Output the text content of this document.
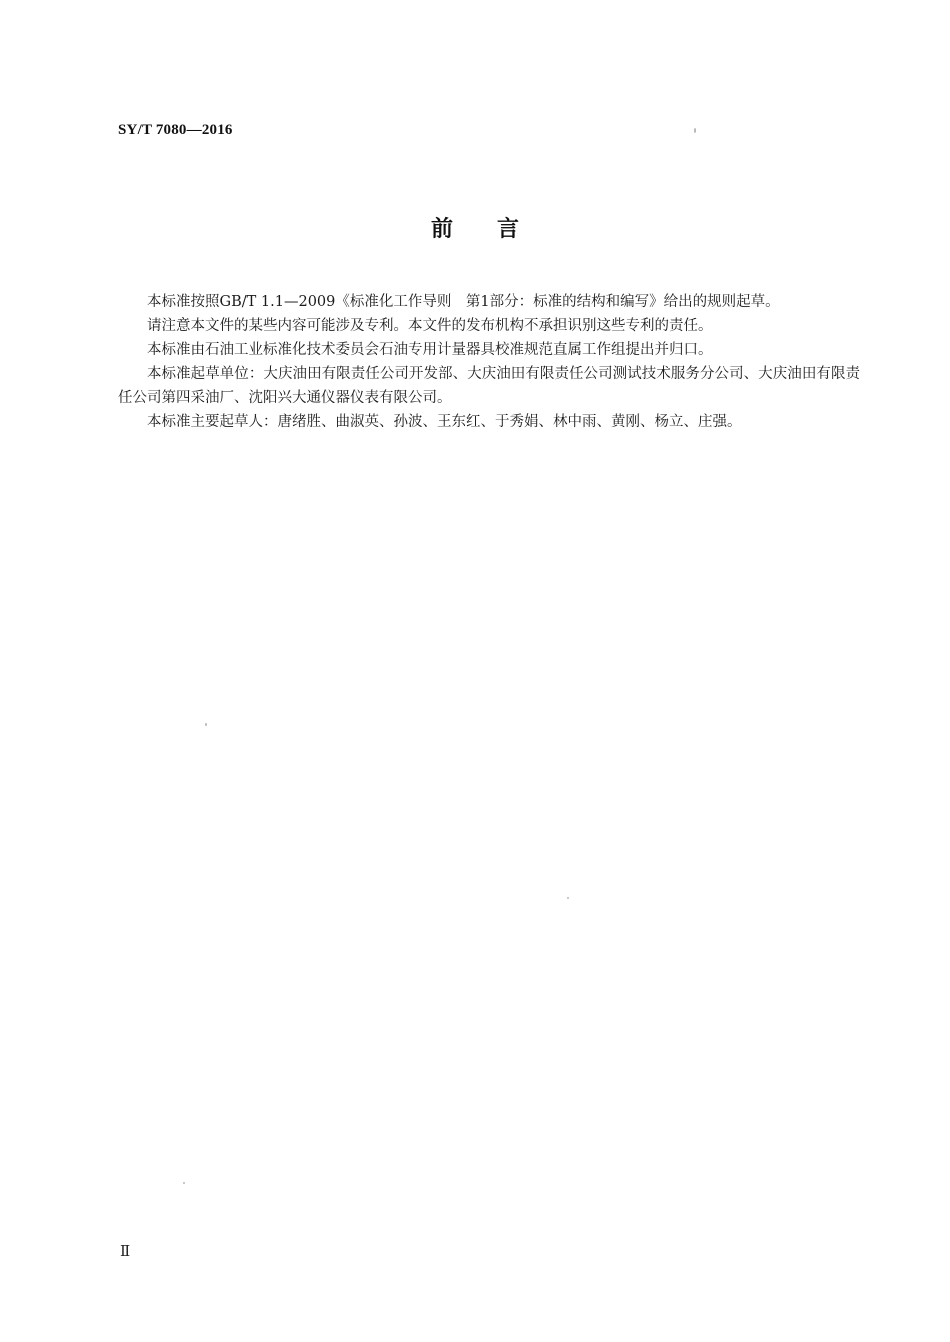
SY/T 7080—2016
前言

本标准按照GB/T 1.1—2009《标准化工作导则　第1部分：标准的结构和编写》给出的规则起草。

请注意本文件的某些内容可能涉及专利。本文件的发布机构不承担识别这些专利的责任。

本标准由石油工业标准化技术委员会石油专用计量器具校准规范直属工作组提出并归口。

本标准起草单位：大庆油田有限责任公司开发部、大庆油田有限责任公司测试技术服务分公司、大庆油田有限责任公司第四采油厂、沈阳兴大通仪器仪表有限公司。

本标准主要起草人：唐绪胜、曲淑英、孙波、王东红、于秀娟、林中雨、黄刚、杨立、庄强。

Ⅱ
